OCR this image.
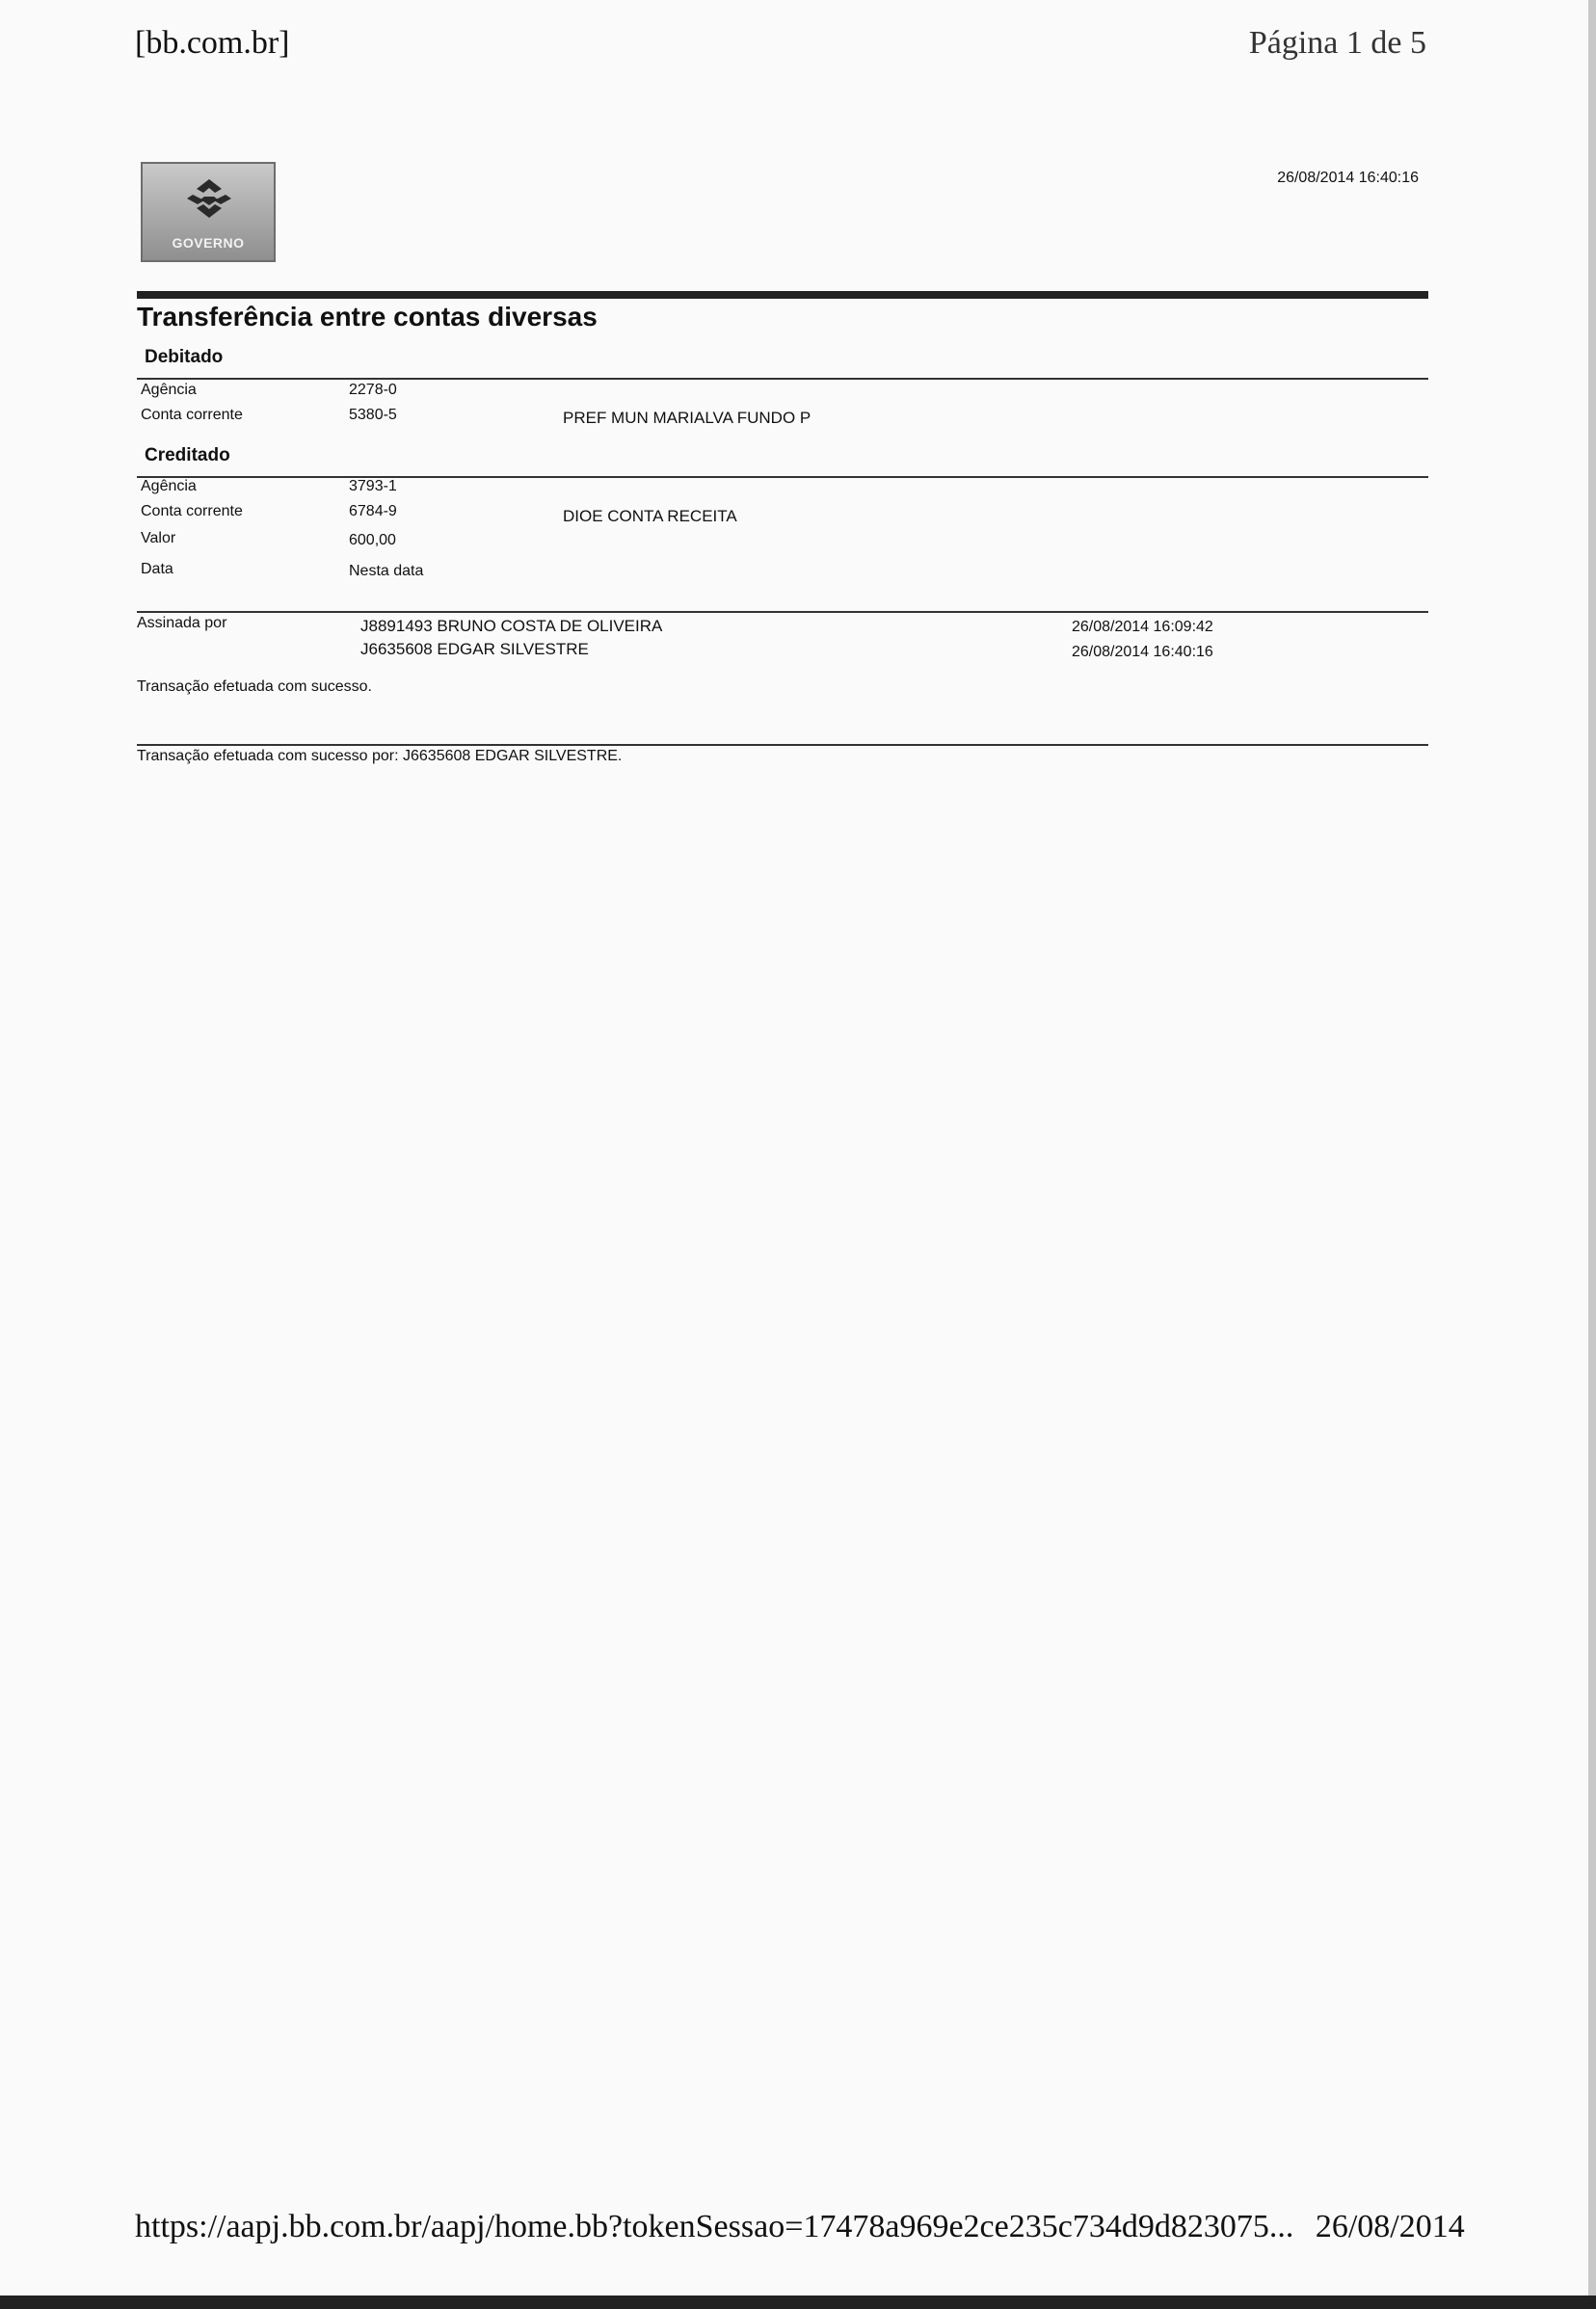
[bb.com.br]	Página 1 de 5
GOVERNO
26/08/2014 16:40:16
Transferência entre contas diversas
Debitado
Agência	2278-0
Conta corrente	5380-5	PREF MUN MARIALVA FUNDO P
Creditado
Agência	3793-1
Conta corrente	6784-9	DIOE CONTA RECEITA
Valor	600,00
Data	Nesta data
Assinada por	J8891493 BRUNO COSTA DE OLIVEIRA	26/08/2014 16:09:42
J6635608 EDGAR SILVESTRE	26/08/2014 16:40:16
Transação efetuada com sucesso.
Transação efetuada com sucesso por: J6635608 EDGAR SILVESTRE.
https://aapj.bb.com.br/aapj/home.bb?tokenSessao=17478a969e2ce235c734d9d823075... 26/08/2014
